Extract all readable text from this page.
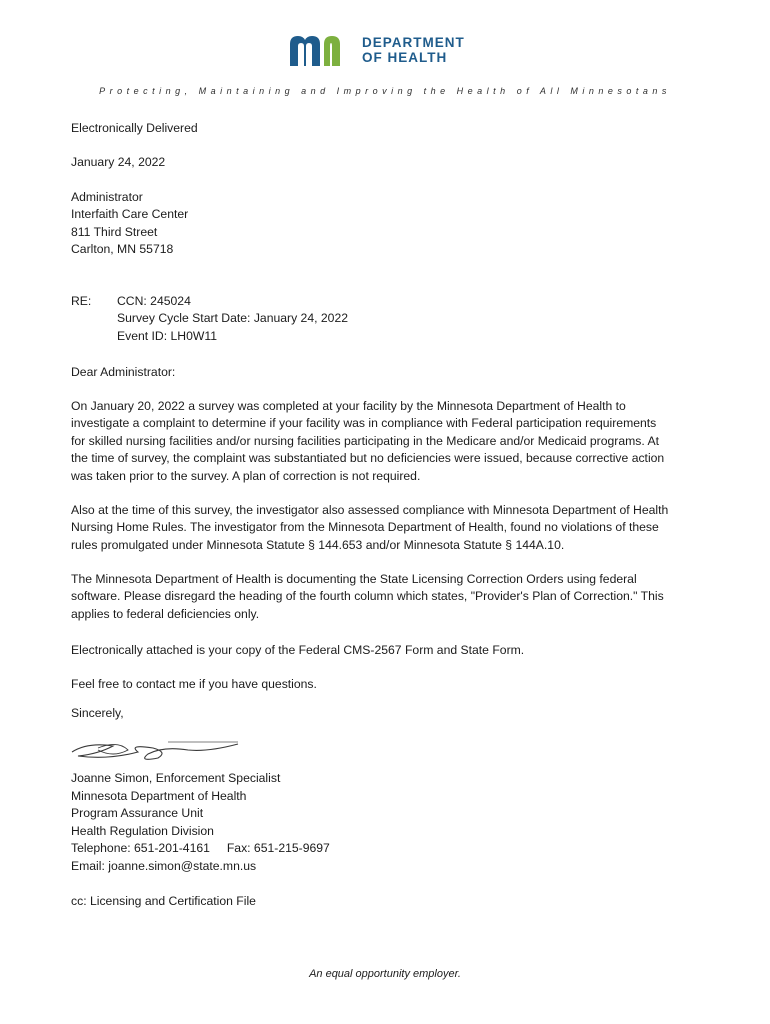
DEPARTMENT
OF HEALTH
Protecting, Maintaining and Improving the Health of All Minnesotans
Electronically Delivered
January 24, 2022
Administrator
Interfaith Care Center
811 Third Street
Carlton, MN 55718
RE: CCN: 245024
Survey Cycle Start Date: January 24, 2022
Event ID: LH0W11
Dear Administrator:
On January 20, 2022 a survey was completed at your facility by the Minnesota Department of Health to
investigate a complaint to determine if your facility was in compliance with Federal participation requirements
for skilled nursing facilities and/or nursing facilities participating in the Medicare and/or Medicaid programs. At
the time of survey, the complaint was substantiated but no deficiencies were issued, because corrective action
was taken prior to the survey. A plan of correction is not required.
Also at the time of this survey, the investigator also assessed compliance with Minnesota Department of Health
Nursing Home Rules. The investigator from the Minnesota Department of Health, found no violations of these
rules promulgated under Minnesota Statute § 144.653 and/or Minnesota Statute § 144A.10.
The Minnesota Department of Health is documenting the State Licensing Correction Orders using federal
software. Please disregard the heading of the fourth column which states, "Provider's Plan of Correction." This
applies to federal deficiencies only.
Electronically attached is your copy of the Federal CMS-2567 Form and State Form.
Feel free to contact me if you have questions.
Sincerely,
Joanne Simon, Enforcement Specialist
Minnesota Department of Health
Program Assurance Unit
Health Regulation Division
Telephone: 651-201-4161     Fax: 651-215-9697
Email: joanne.simon@state.mn.us
cc: Licensing and Certification File
An equal opportunity employer.
